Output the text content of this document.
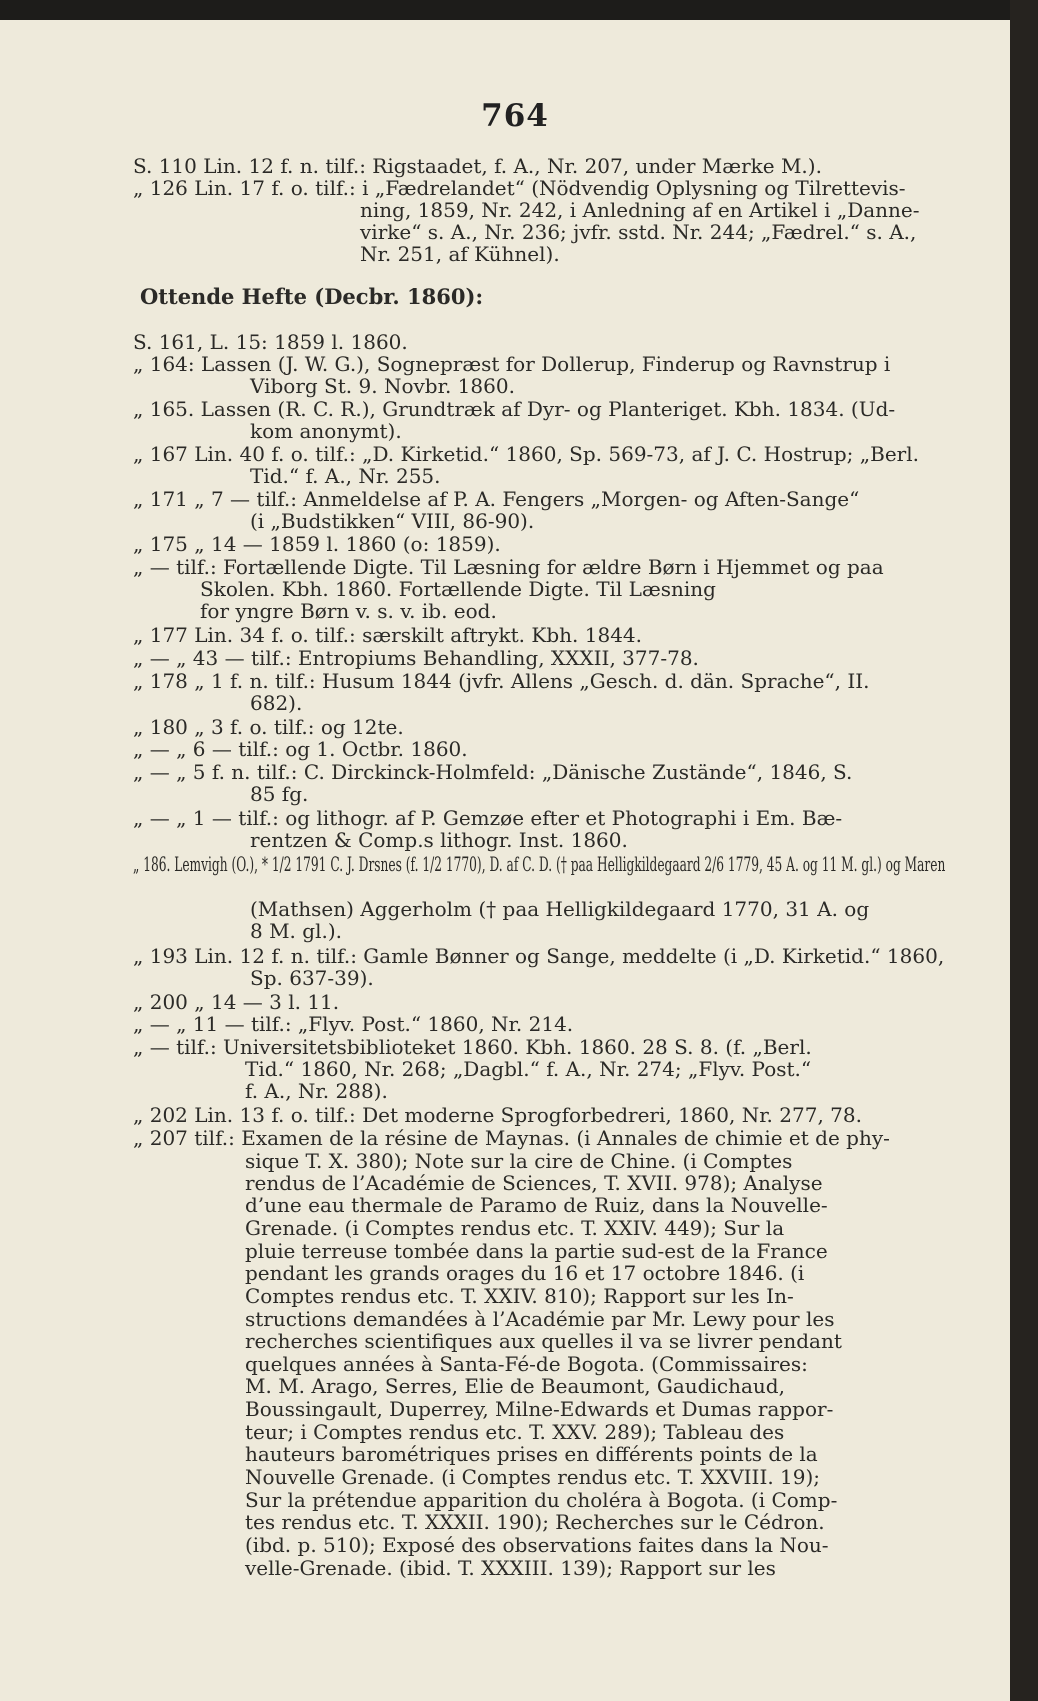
764
S. 110 Lin. 12 f. n. tilf.: Rigstaadet, f. A., Nr. 207, under Mærke M.).
„ 126 Lin. 17 f. o. tilf.: i „Fædrelandet“ (Nödvendig Oplysning og Tilrettevis-
ning, 1859, Nr. 242, i Anledning af en Artikel i „Danne-
virke“ s. A., Nr. 236; jvfr. sstd. Nr. 244; „Fædrel.“ s. A.,
Nr. 251, af Kühnel).
Ottende Hefte (Decbr. 1860):
S. 161, L. 15: 1859 l. 1860.
„ 164: Lassen (J. W. G.), Sognepræst for Dollerup, Finderup og Ravnstrup i
Viborg St. 9. Novbr. 1860.
„ 165. Lassen (R. C. R.), Grundtræk af Dyr- og Planteriget. Kbh. 1834. (Ud-
kom anonymt).
„ 167 Lin. 40 f. o. tilf.: „D. Kirketid.“ 1860, Sp. 569-73, af J. C. Hostrup; „Berl.
Tid.“ f. A., Nr. 255.
„ 171 „ 7 — tilf.: Anmeldelse af P. A. Fengers „Morgen- og Aften-Sange“
(i „Budstikken“ VIII, 86-90).
„ 175 „ 14 — 1859 l. 1860 (o: 1859).
„ — tilf.: Fortællende Digte. Til Læsning for ældre Børn i Hjemmet og paa
Skolen. Kbh. 1860. Fortællende Digte. Til Læsning
for yngre Børn v. s. v. ib. eod.
„ 177 Lin. 34 f. o. tilf.: særskilt aftrykt. Kbh. 1844.
„ — „ 43 — tilf.: Entropiums Behandling, XXXII, 377-78.
„ 178 „ 1 f. n. tilf.: Husum 1844 (jvfr. Allens „Gesch. d. dän. Sprache“, II.
682).
„ 180 „ 3 f. o. tilf.: og 12te.
„ — „ 6 — tilf.: og 1. Octbr. 1860.
„ — „ 5 f. n. tilf.: C. Dirckinck-Holmfeld: „Dänische Zustände“, 1846, S.
85 fg.
„ — „ 1 — tilf.: og lithogr. af P. Gemzøe efter et Photographi i Em. Bæ-
rentzen & Comp.s lithogr. Inst. 1860.
„ 186. Lemvigh (O.), * 1/2 1791 C. J. Drsnes (f. 1/2 1770), D. af C. D. († paa Helligkildegaard 2/6 1779, 45 A. og 11 M. gl.) og Maren
(Mathsen) Aggerholm († paa Helligkildegaard 1770, 31 A. og
8 M. gl.).
„ 193 Lin. 12 f. n. tilf.: Gamle Bønner og Sange, meddelte (i „D. Kirketid.“ 1860,
Sp. 637-39).
„ 200 „ 14 — 3 l. 11.
„ — „ 11 — tilf.: „Flyv. Post.“ 1860, Nr. 214.
„ — tilf.: Universitetsbiblioteket 1860. Kbh. 1860. 28 S. 8. (f. „Berl.
Tid.“ 1860, Nr. 268; „Dagbl.“ f. A., Nr. 274; „Flyv. Post.“
f. A., Nr. 288).
„ 202 Lin. 13 f. o. tilf.: Det moderne Sprogforbedreri, 1860, Nr. 277, 78.
„ 207 tilf.: Examen de la résine de Maynas. (i Annales de chimie et de phy-
sique T. X. 380); Note sur la cire de Chine. (i Comptes
rendus de l’Académie de Sciences, T. XVII. 978); Analyse
d’une eau thermale de Paramo de Ruiz, dans la Nouvelle-
Grenade. (i Comptes rendus etc. T. XXIV. 449); Sur la
pluie terreuse tombée dans la partie sud-est de la France
pendant les grands orages du 16 et 17 octobre 1846. (i
Comptes rendus etc. T. XXIV. 810); Rapport sur les In-
structions demandées à l’Académie par Mr. Lewy pour les
recherches scientifiques aux quelles il va se livrer pendant
quelques années à Santa-Fé-de Bogota. (Commissaires:
M. M. Arago, Serres, Elie de Beaumont, Gaudichaud,
Boussingault, Duperrey, Milne-Edwards et Dumas rappor-
teur; i Comptes rendus etc. T. XXV. 289); Tableau des
hauteurs barométriques prises en différents points de la
Nouvelle Grenade. (i Comptes rendus etc. T. XXVIII. 19);
Sur la prétendue apparition du choléra à Bogota. (i Comp-
tes rendus etc. T. XXXII. 190); Recherches sur le Cédron.
(ibd. p. 510); Exposé des observations faites dans la Nou-
velle-Grenade. (ibid. T. XXXIII. 139); Rapport sur les
